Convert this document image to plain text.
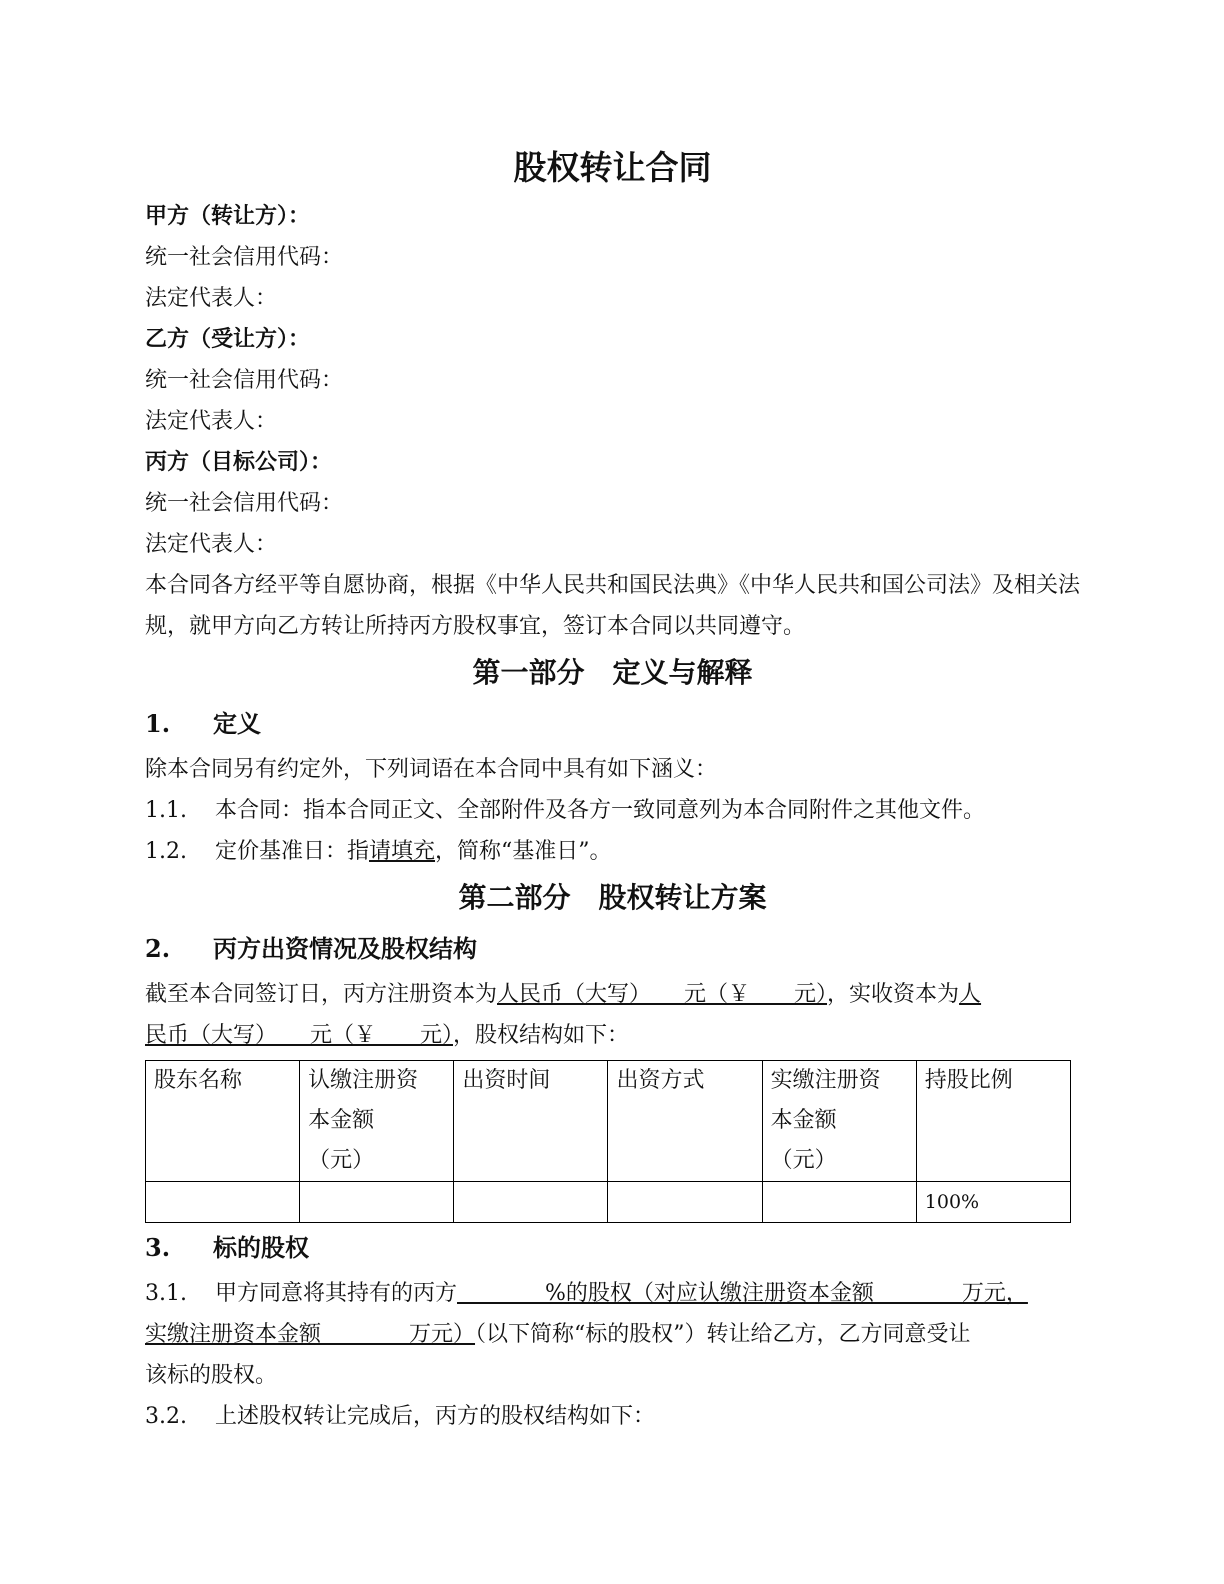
股权转让合同
甲方（转让方）：
统一社会信用代码：
法定代表人：
乙方（受让方）：
统一社会信用代码：
法定代表人：
丙方（目标公司）：
统一社会信用代码：
法定代表人：
本合同各方经平等自愿协商，根据《中华人民共和国民法典》《中华人民共和国公司法》及相关法规，就甲方向乙方转让所持丙方股权事宜，签订本合同以共同遵守。
第一部分　定义与解释
1. 定义
除本合同另有约定外，下列词语在本合同中具有如下涵义：
1.1. 本合同：指本合同正文、全部附件及各方一致同意列为本合同附件之其他文件。
1.2. 定价基准日：指请填充，简称“基准日”。
第二部分　股权转让方案
2. 丙方出资情况及股权结构
截至本合同签订日，丙方注册资本为人民币（大写）　　元（￥　　元），实收资本为人
民币（大写）　　元（￥　　元），股权结构如下：
股东名称	认缴注册资
本金额
（元）	出资时间	出资方式	实缴注册资
本金额
（元）	持股比例

					100%
3. 标的股权
3.1. 甲方同意将其持有的丙方　　　　%的股权（对应认缴注册资本金额　　　　万元，
实缴注册资本金额　　　　万元）（以下简称“标的股权”）转让给乙方，乙方同意受让
该标的股权。
3.2. 上述股权转让完成后，丙方的股权结构如下：
